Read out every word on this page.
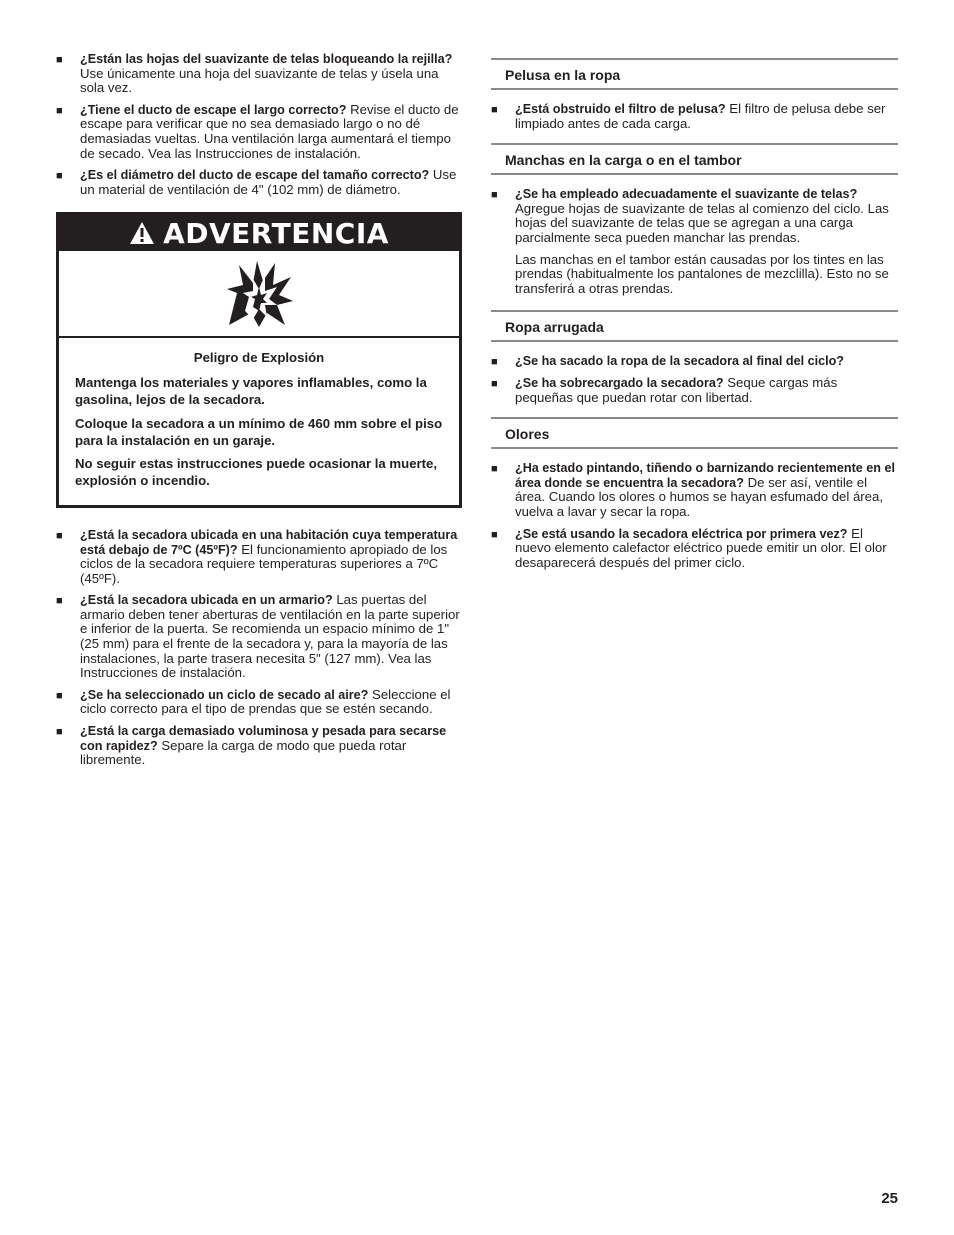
■ ¿Están las hojas del suavizante de telas bloqueando la rejilla? Use únicamente una hoja del suavizante de telas y úsela una sola vez.
■ ¿Tiene el ducto de escape el largo correcto? Revise el ducto de escape para verificar que no sea demasiado largo o no dé demasiadas vueltas. Una ventilación larga aumentará el tiempo de secado. Vea las Instrucciones de instalación.
■ ¿Es el diámetro del ducto de escape del tamaño correcto? Use un material de ventilación de 4" (102 mm) de diámetro.
ADVERTENCIA
Peligro de Explosión

Mantenga los materiales y vapores inflamables, como la gasolina, lejos de la secadora.

Coloque la secadora a un mínimo de 460 mm sobre el piso para la instalación en un garaje.

No seguir estas instrucciones puede ocasionar la muerte, explosión o incendio.

■ ¿Está la secadora ubicada en una habitación cuya temperatura está debajo de 7ºC (45ºF)? El funcionamiento apropiado de los ciclos de la secadora requiere temperaturas superiores a 7ºC (45ºF).
■ ¿Está la secadora ubicada en un armario? Las puertas del armario deben tener aberturas de ventilación en la parte superior e inferior de la puerta. Se recomienda un espacio mínimo de 1" (25 mm) para el frente de la secadora y, para la mayoría de las instalaciones, la parte trasera necesita 5" (127 mm). Vea las Instrucciones de instalación.
■ ¿Se ha seleccionado un ciclo de secado al aire? Seleccione el ciclo correcto para el tipo de prendas que se estén secando.
■ ¿Está la carga demasiado voluminosa y pesada para secarse con rapidez? Separe la carga de modo que pueda rotar libremente.
Pelusa en la ropa
■ ¿Está obstruido el filtro de pelusa? El filtro de pelusa debe ser limpiado antes de cada carga.
Manchas en la carga o en el tambor
■ ¿Se ha empleado adecuadamente el suavizante de telas? Agregue hojas de suavizante de telas al comienzo del ciclo. Las hojas del suavizante de telas que se agregan a una carga parcialmente seca pueden manchar las prendas.
Las manchas en el tambor están causadas por los tintes en las prendas (habitualmente los pantalones de mezclilla). Esto no se transferirá a otras prendas.
Ropa arrugada
■ ¿Se ha sacado la ropa de la secadora al final del ciclo?
■ ¿Se ha sobrecargado la secadora? Seque cargas más pequeñas que puedan rotar con libertad.
Olores
■ ¿Ha estado pintando, tiñendo o barnizando recientemente en el área donde se encuentra la secadora? De ser así, ventile el área. Cuando los olores o humos se hayan esfumado del área, vuelva a lavar y secar la ropa.
■ ¿Se está usando la secadora eléctrica por primera vez? El nuevo elemento calefactor eléctrico puede emitir un olor. El olor desaparecerá después del primer ciclo.
25
